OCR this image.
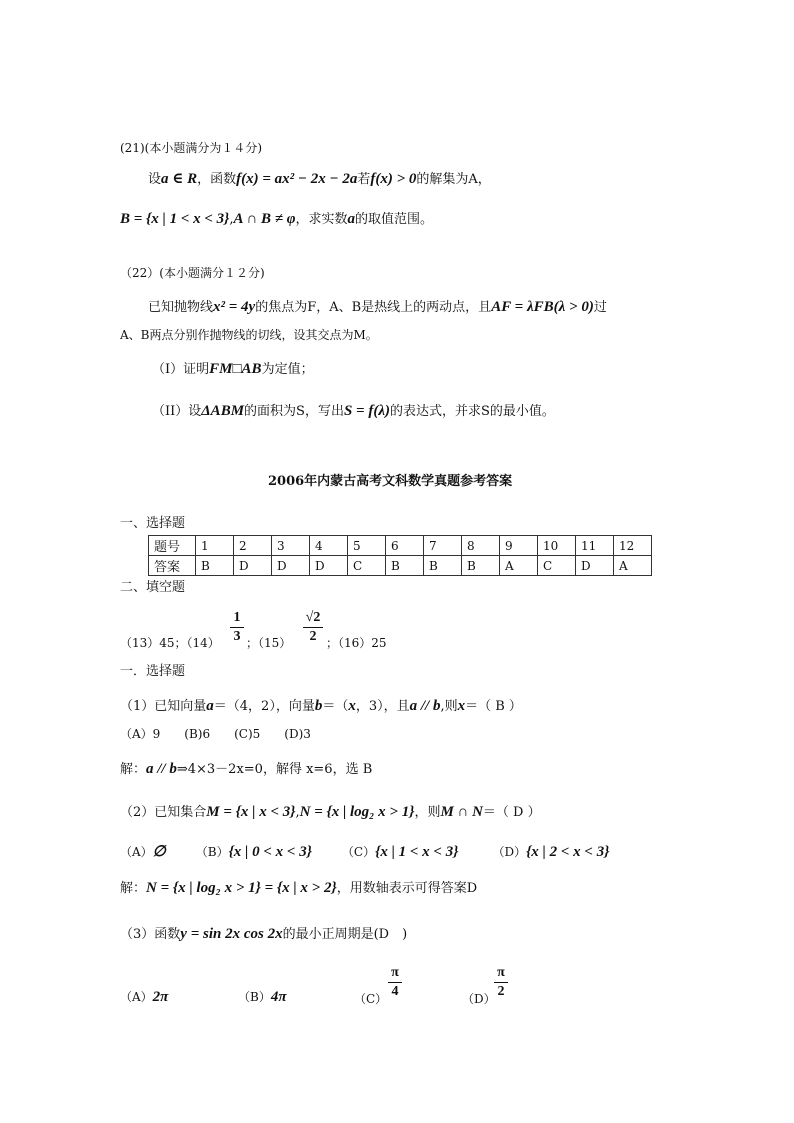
(21)(本小题满分为１４分)
设a ∈ R，函数f(x) = ax² − 2x − 2a若f(x) > 0的解集为A，
B = {x | 1 < x < 3},A ∩ B ≠ φ，求实数a的取值范围。
（22）(本小题满分１２分)
已知抛物线x² = 4y的焦点为F，A、B是热线上的两动点，且AF = λFB(λ > 0)过
A、B两点分别作抛物线的切线，设其交点为M。
（I）证明FM□AB为定值；
（II）设ΔABM的面积为S，写出S = f(λ)的表达式，并求S的最小值。
2006年内蒙古高考文科数学真题参考答案
一、选择题
题号	1	2	3	4	5	6	7	8	9	10	11	12
答案	B	D	D	D	C	B	B	B	A	C	D	A
二、填空题
（13）45；（14）
1
3 ；（15）
√2
2 ；（16）25
一．选择题
（1）已知向量a＝（4，2），向量b＝（x，3），且a // b,则x＝（ B ）
（A）9　　(B)6　　(C)5　　(D)3
解：a // b⇒4×3－2x=0，解得 x=6，选 B
（2）已知集合M = {x | x < 3},N = {x | log₂ x > 1}，则M ∩ N＝（ D ）
（A）∅	（B）{x | 0 < x < 3}	（C）{x | 1 < x < 3}	（D）{x | 2 < x < 3}
解：N = {x | log₂ x > 1} = {x | x > 2}，用数轴表示可得答案D
（3）函数y = sin 2x cos 2x的最小正周期是(D　)
（A）2π	（B）4π	（C）
π
4	（D）
π
2
